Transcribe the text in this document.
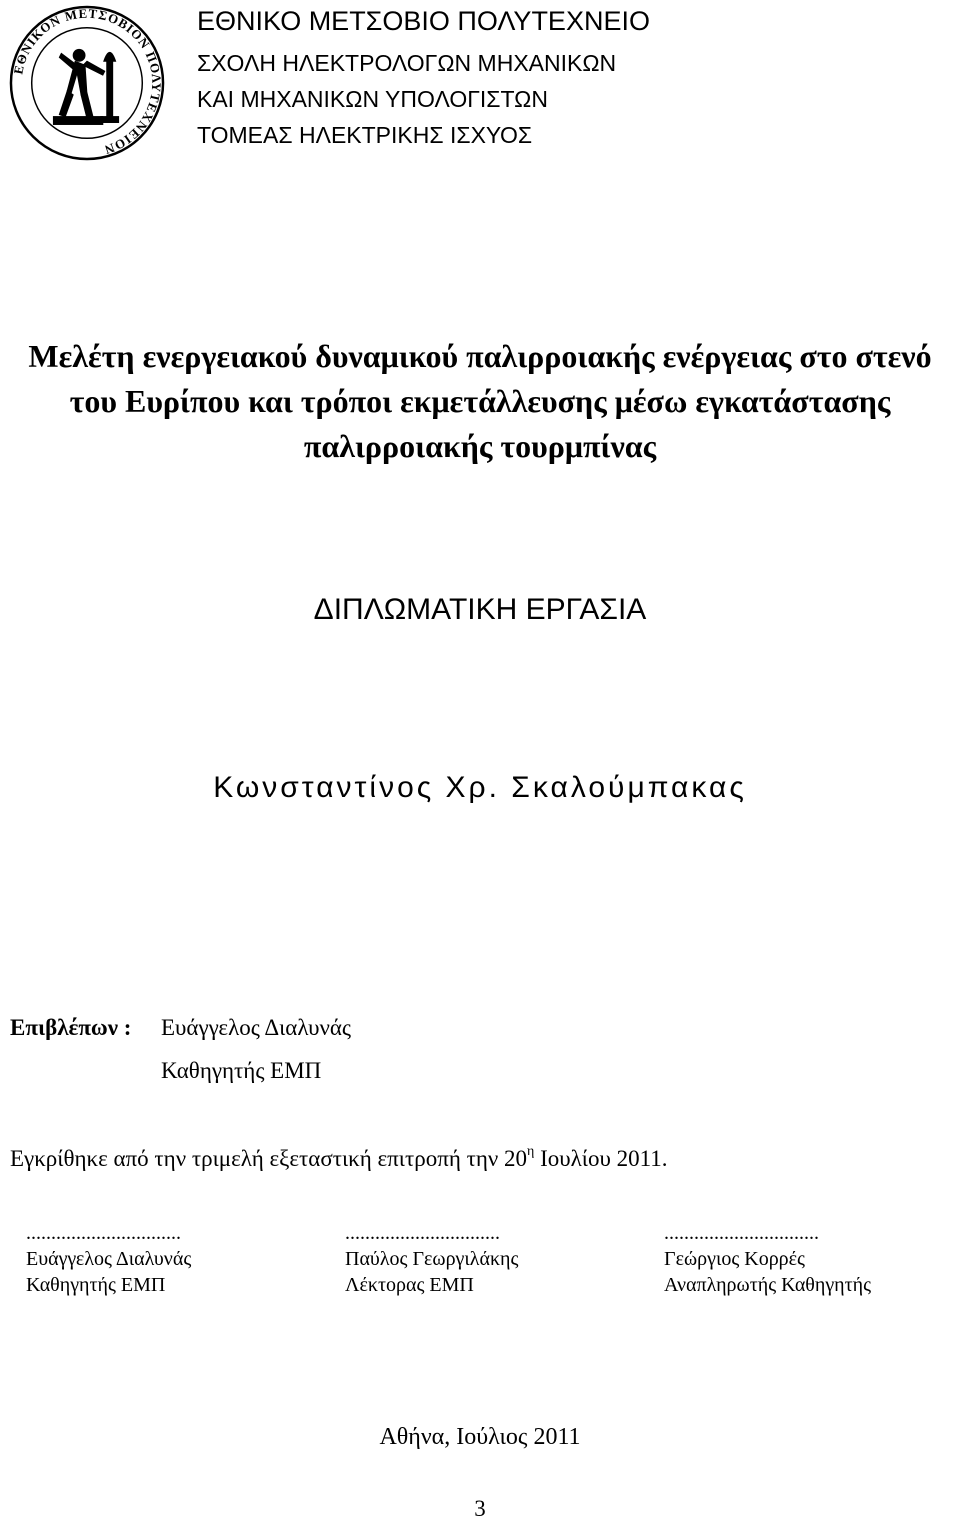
ΕΘΝΙΚΟΝ ΜΕΤΣΟΒΙΟΝ ΠΟΛΥΤΕΧΝΕΙΟΝ
ΕΘΝΙΚΟ ΜΕΤΣΟΒΙΟ ΠΟΛΥΤΕΧΝΕΙΟ
ΣΧΟΛΗ ΗΛΕΚΤΡΟΛΟΓΩΝ ΜΗΧΑΝΙΚΩΝ
ΚΑΙ ΜΗΧΑΝΙΚΩΝ ΥΠΟΛΟΓΙΣΤΩΝ
ΤΟΜΕΑΣ ΗΛΕΚΤΡΙΚΗΣ ΙΣΧΥΟΣ
Μελέτη ενεργειακού δυναμικού παλιρροιακής ενέργειας στο στενό
του Ευρίπου και τρόποι εκμετάλλευσης μέσω εγκατάστασης
παλιρροιακής τουρμπίνας
ΔΙΠΛΩΜΑΤΙΚΗ ΕΡΓΑΣΙΑ
Κωνσταντίνος Χρ. Σκαλούμπακας
Επιβλέπων : Ευάγγελος Διαλυνάς
Καθηγητής ΕΜΠ
Εγκρίθηκε από την τριμελή εξεταστική επιτροπή την $20^\eta$ Ιουλίου 2011.
...............................
Ευάγγελος Διαλυνάς
Καθηγητής ΕΜΠ
...............................
Παύλος Γεωργιλάκης
Λέκτορας ΕΜΠ
...............................
Γεώργιος Κορρές
Αναπληρωτής Καθηγητής
Αθήνα, Ιούλιος 2011
3
